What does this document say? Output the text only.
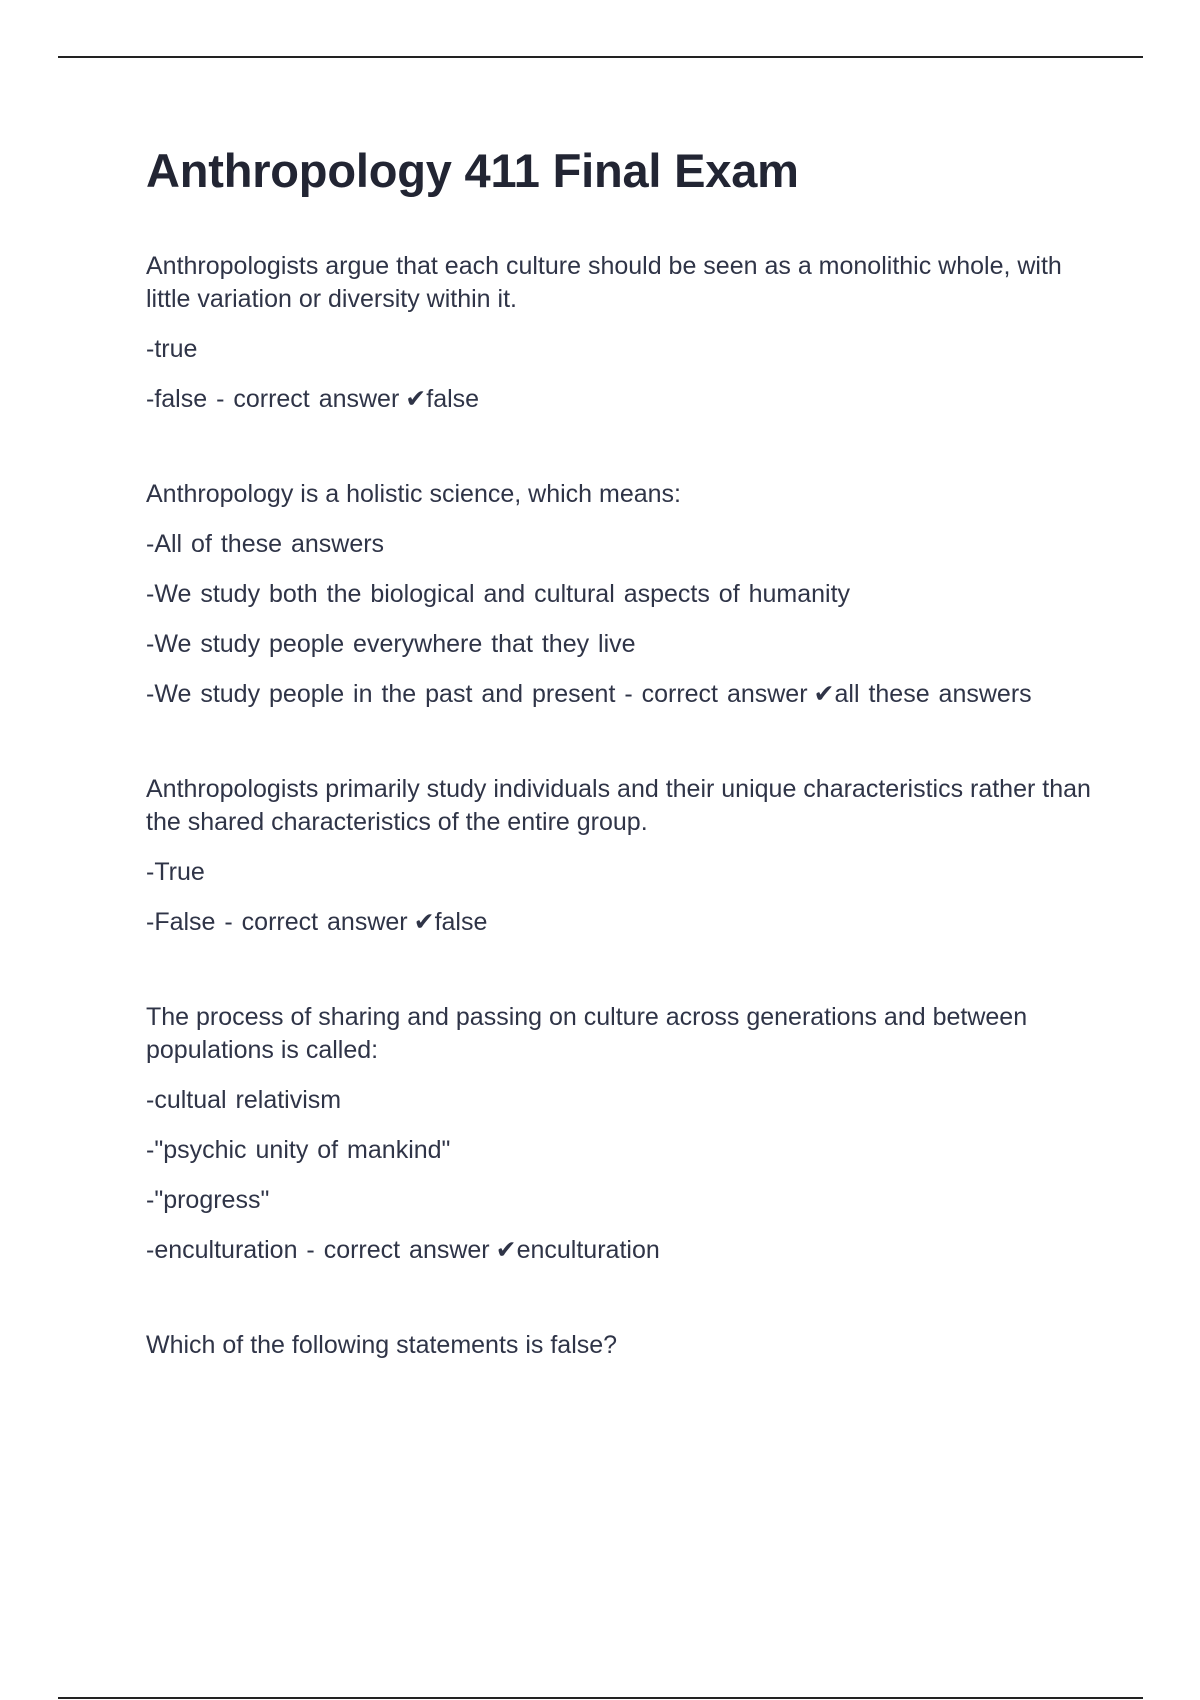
Anthropology 411 Final Exam

Anthropologists argue that each culture should be seen as a monolithic whole, with little variation or diversity within it.

-true

-false - correct answer ✔false

Anthropology is a holistic science, which means:

-All of these answers

-We study both the biological and cultural aspects of humanity

-We study people everywhere that they live

-We study people in the past and present - correct answer ✔all these answers

Anthropologists primarily study individuals and their unique characteristics rather than the shared characteristics of the entire group.

-True

-False - correct answer ✔false

The process of sharing and passing on culture across generations and between populations is called:

-cultual relativism

-"psychic unity of mankind"

-"progress"

-enculturation - correct answer ✔enculturation

Which of the following statements is false?
